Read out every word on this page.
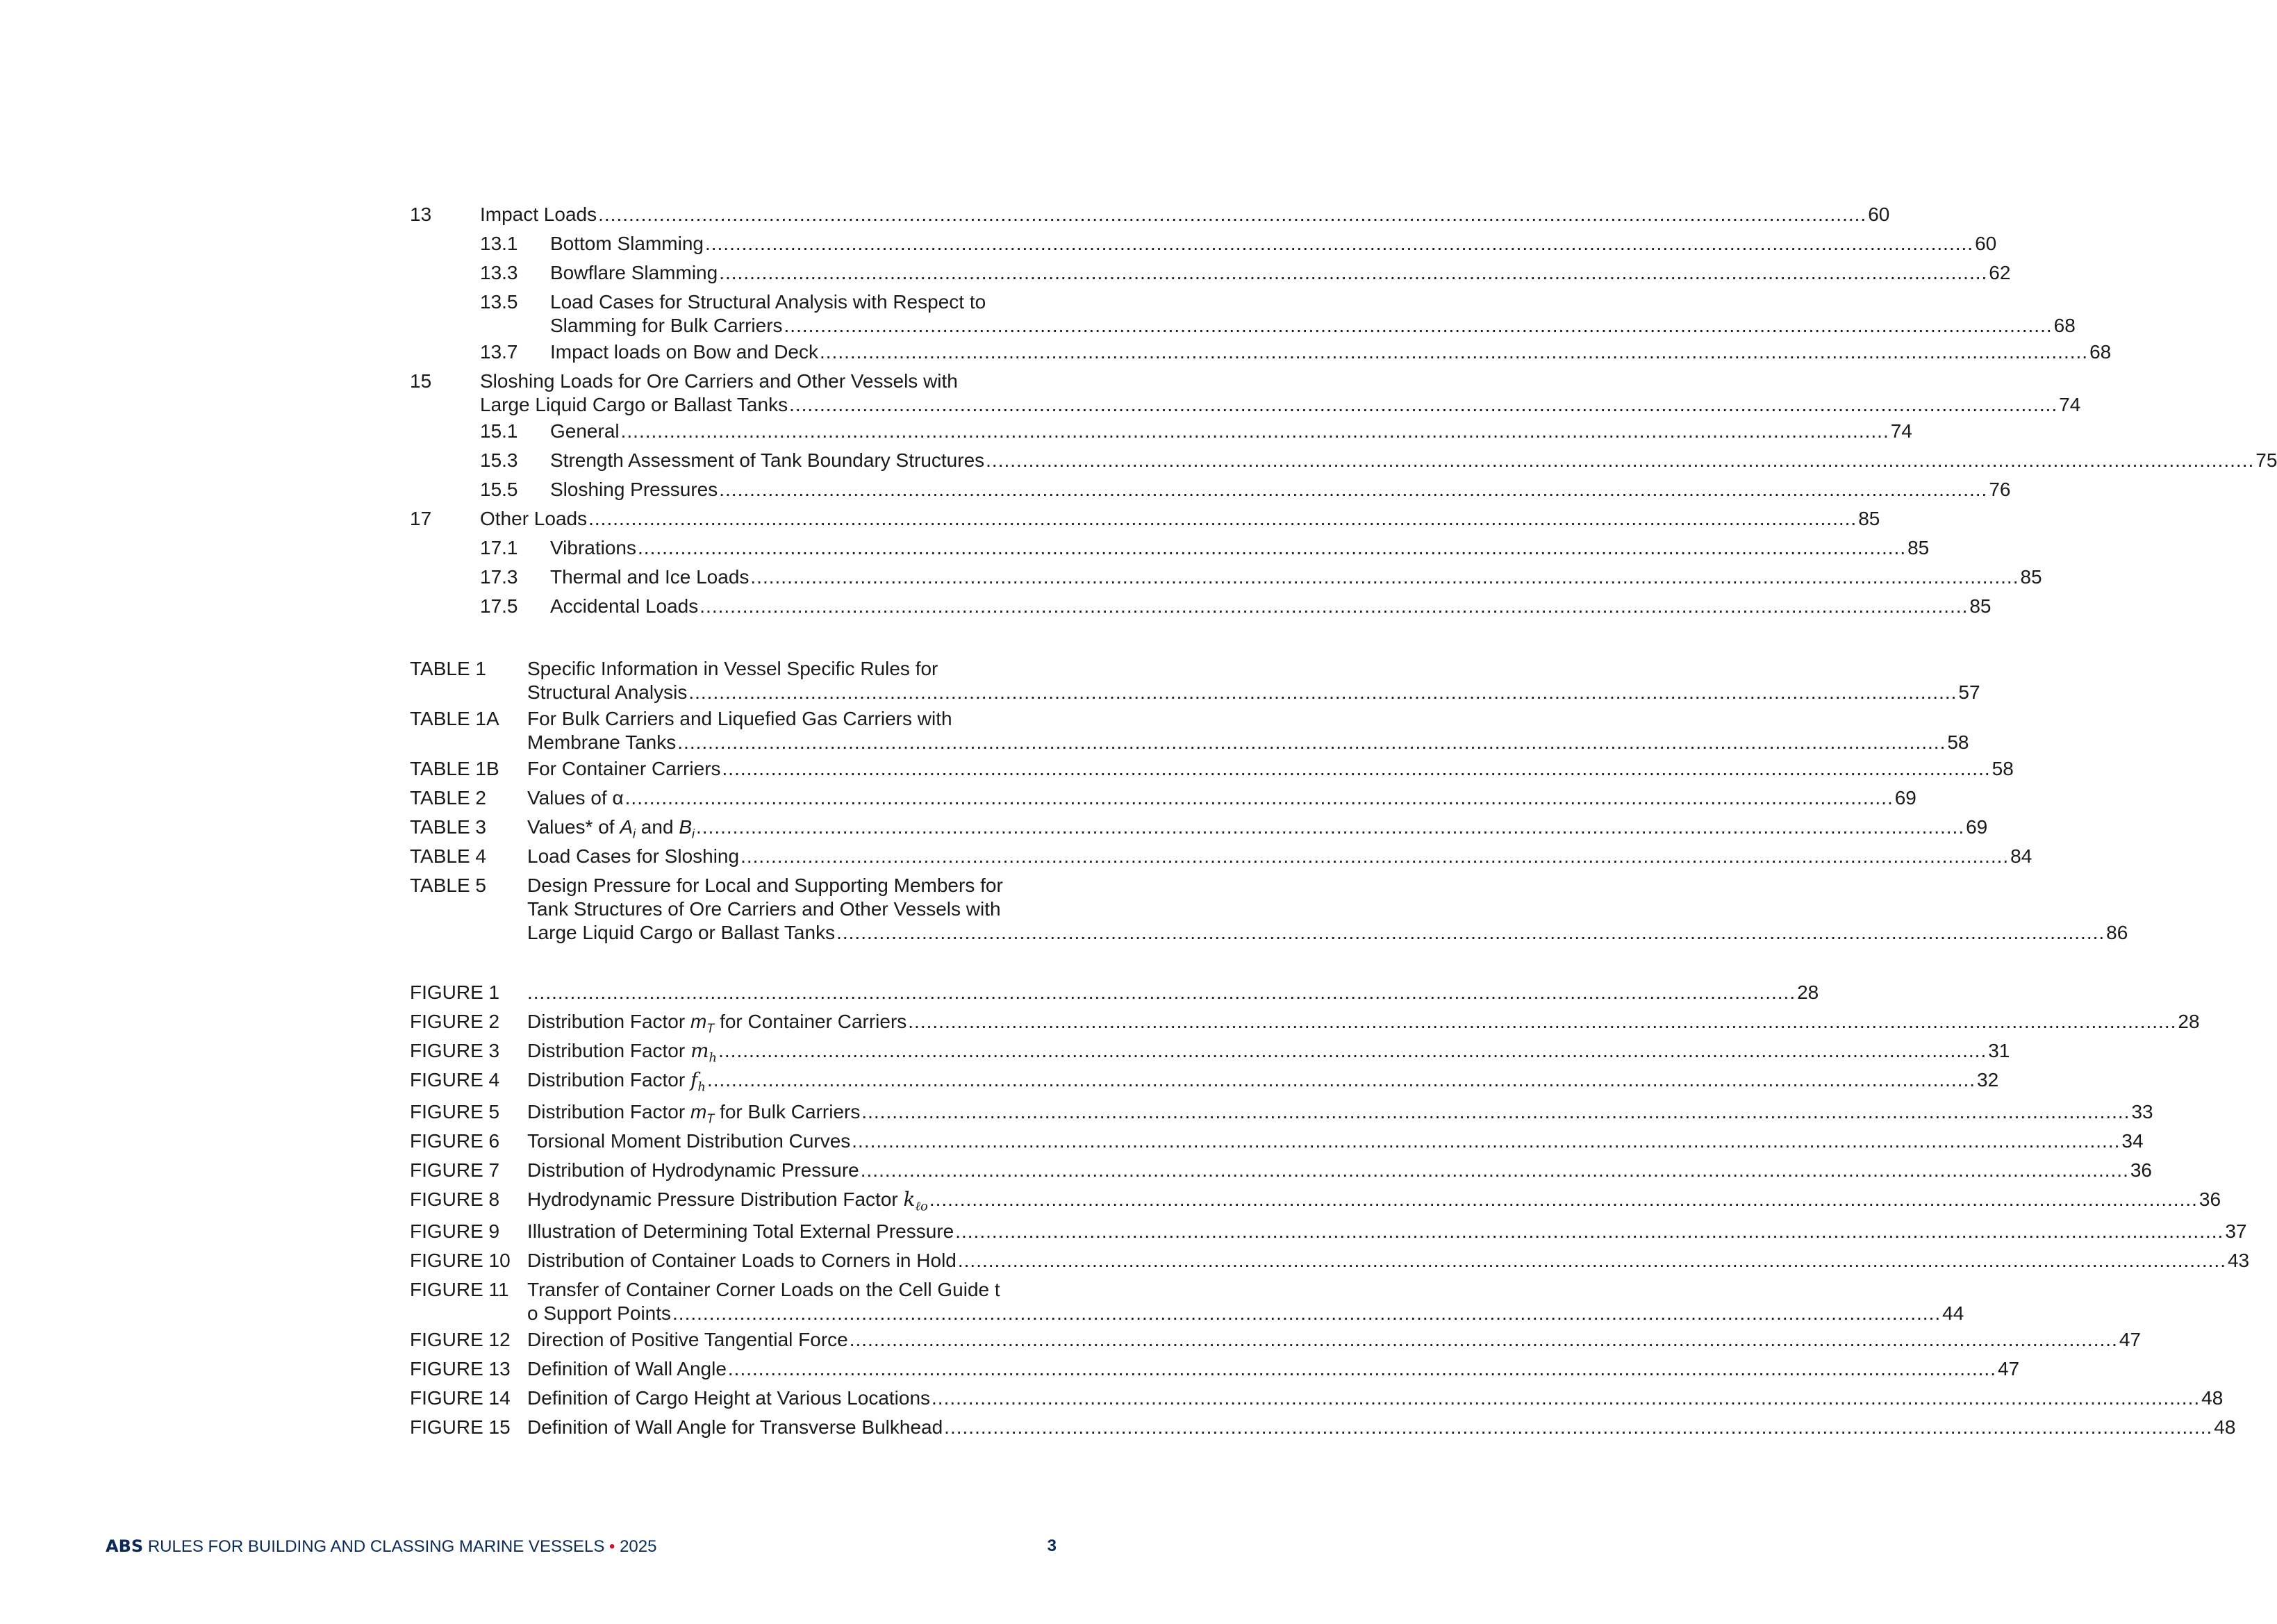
13	Impact Loads .....	60
13.1	Bottom Slamming .....	60
13.3	Bowflare Slamming .....	62
13.5	Load Cases for Structural Analysis with Respect to
Slamming for Bulk Carriers .....	68
13.7	Impact loads on Bow and Deck .....	68
15	Sloshing Loads for Ore Carriers and Other Vessels with
Large Liquid Cargo or Ballast Tanks .....	74
15.1	General .....	74
15.3	Strength Assessment of Tank Boundary Structures .....	75
15.5	Sloshing Pressures .....	76
17	Other Loads .....	85
17.1	Vibrations .....	85
17.3	Thermal and Ice Loads .....	85
17.5	Accidental Loads .....	85
TABLE 1	Specific Information in Vessel Specific Rules for
Structural Analysis .....	57
TABLE 1A	For Bulk Carriers and Liquefied Gas Carriers with
Membrane Tanks .....	58
TABLE 1B	For Container Carriers .....	58
TABLE 2	Values of α .....	69
TABLE 3	Values* of $A_i$ and $B_i$ .....	69
TABLE 4	Load Cases for Sloshing .....	84
TABLE 5	Design Pressure for Local and Supporting Members for
Tank Structures of Ore Carriers and Other Vessels with
Large Liquid Cargo or Ballast Tanks .....	86
FIGURE 1 .....	28
FIGURE 2	Distribution Factor $m_T$ for Container Carriers .....	28
FIGURE 3	Distribution Factor $m_h$ .....	31
FIGURE 4	Distribution Factor $f_h$ .....	32
FIGURE 5	Distribution Factor $m_T$ for Bulk Carriers .....	33
FIGURE 6	Torsional Moment Distribution Curves .....	34
FIGURE 7	Distribution of Hydrodynamic Pressure .....	36
FIGURE 8	Hydrodynamic Pressure Distribution Factor $k_{\ell o}$ .....	36
FIGURE 9	Illustration of Determining Total External Pressure .....	37
FIGURE 10 Distribution of Container Loads to Corners in Hold .....	43
FIGURE 11 Transfer of Container Corner Loads on the Cell Guide t
o Support Points .....	44
FIGURE 12 Direction of Positive Tangential Force .....	47
FIGURE 13 Definition of Wall Angle .....	47
FIGURE 14 Definition of Cargo Height at Various Locations .....	48
FIGURE 15 Definition of Wall Angle for Transverse Bulkhead .....	48
ABS RULES FOR BUILDING AND CLASSING MARINE VESSELS • 2025	3
